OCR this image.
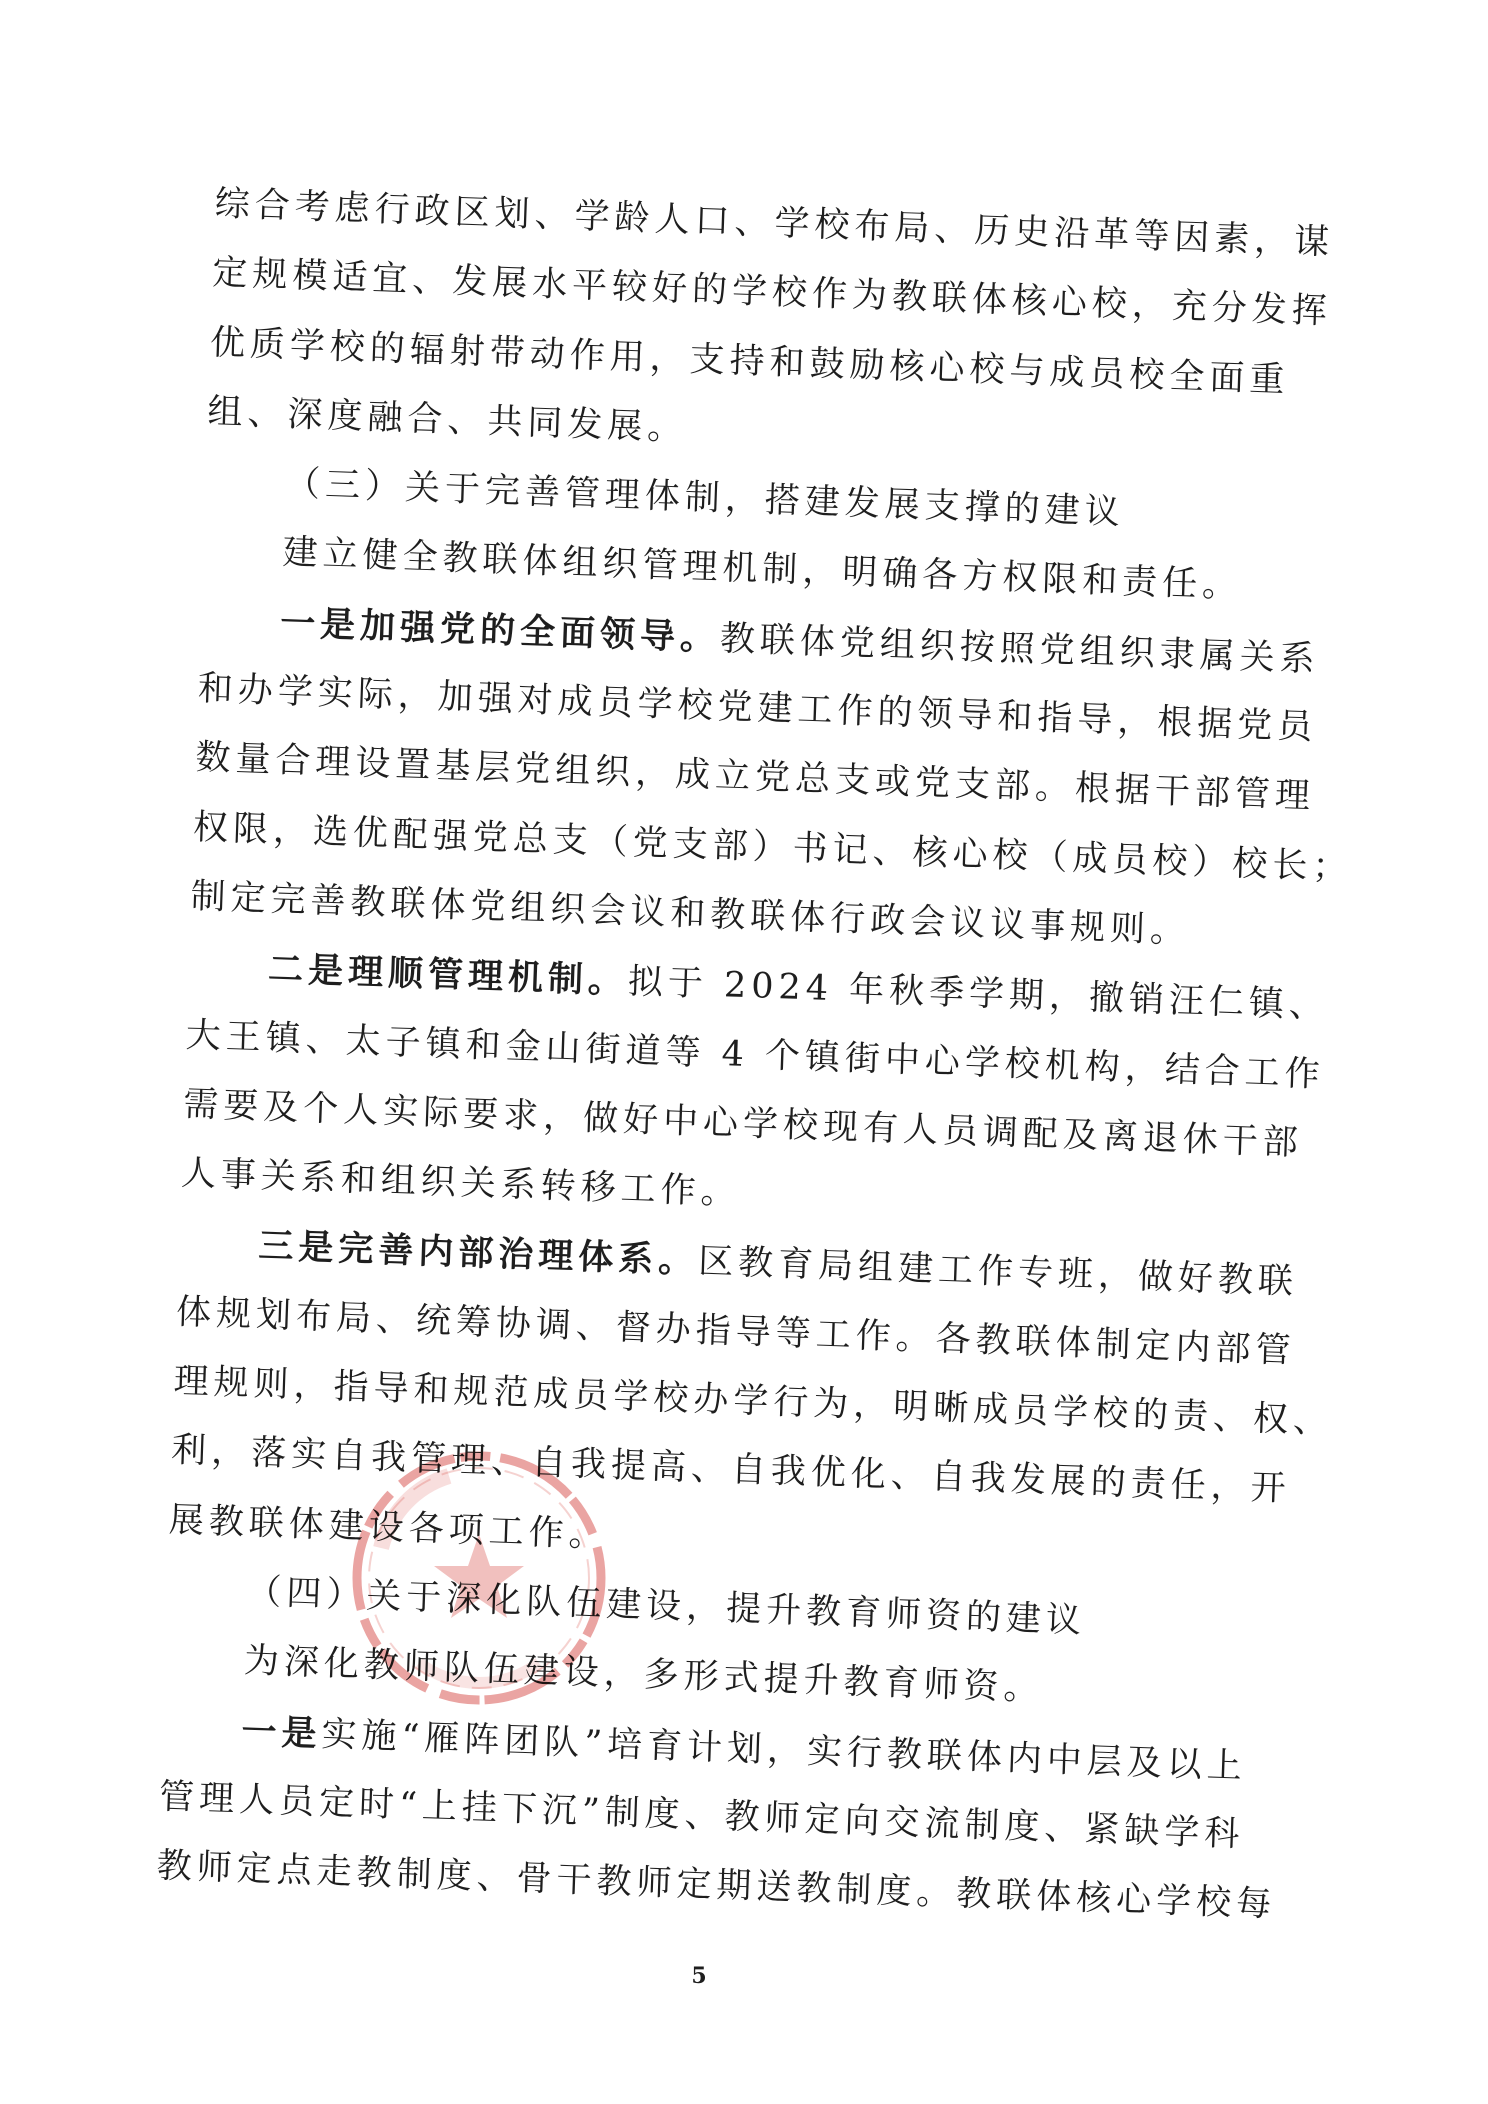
综合考虑行政区划、学龄人口、学校布局、历史沿革等因素，谋
定规模适宜、发展水平较好的学校作为教联体核心校，充分发挥
优质学校的辐射带动作用，支持和鼓励核心校与成员校全面重
组、深度融合、共同发展。
（三）关于完善管理体制，搭建发展支撑的建议
建立健全教联体组织管理机制，明确各方权限和责任。
一是加强党的全面领导。教联体党组织按照党组织隶属关系
和办学实际，加强对成员学校党建工作的领导和指导，根据党员
数量合理设置基层党组织，成立党总支或党支部。根据干部管理
权限，选优配强党总支（党支部）书记、核心校（成员校）校长；
制定完善教联体党组织会议和教联体行政会议议事规则。
二是理顺管理机制。拟于 2024 年秋季学期，撤销汪仁镇、
大王镇、太子镇和金山街道等 4 个镇街中心学校机构，结合工作
需要及个人实际要求，做好中心学校现有人员调配及离退休干部
人事关系和组织关系转移工作。
三是完善内部治理体系。区教育局组建工作专班，做好教联
体规划布局、统筹协调、督办指导等工作。各教联体制定内部管
理规则，指导和规范成员学校办学行为，明晰成员学校的责、权、
利，落实自我管理、自我提高、自我优化、自我发展的责任，开
展教联体建设各项工作。
（四）关于深化队伍建设，提升教育师资的建议
为深化教师队伍建设，多形式提升教育师资。
一是实施“雁阵团队”培育计划，实行教联体内中层及以上
管理人员定时“上挂下沉”制度、教师定向交流制度、紧缺学科
教师定点走教制度、骨干教师定期送教制度。教联体核心学校每
5
